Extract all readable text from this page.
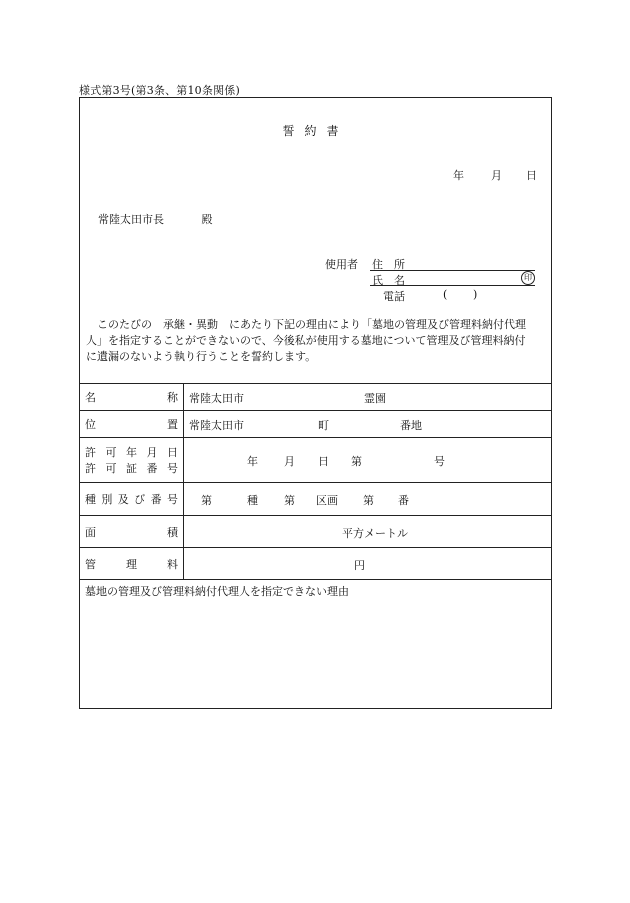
様式第3号(第3条、第10条関係)
誓約書
年 月 日
常陸太田市長	殿
使用者 住　所
氏　名	印
電話	( )
このたびの　承継・異動　にあたり下記の理由により「墓地の管理及び管理料納付代理
人」を指定することができないので、今後私が使用する墓地について管理及び管理料納付
に遺漏のないよう執り行うことを誓約します。
名	称 常陸太田市	霊園
位	置 常陸太田市	町	番地
許 可 年 月 日
許 可 証 番 号
年 月 日 第	号
種 別 及 び 番 号 第	種 第 区画 第 番
面	積	平方メートル
管	理	料	円
墓地の管理及び管理料納付代理人を指定できない理由
